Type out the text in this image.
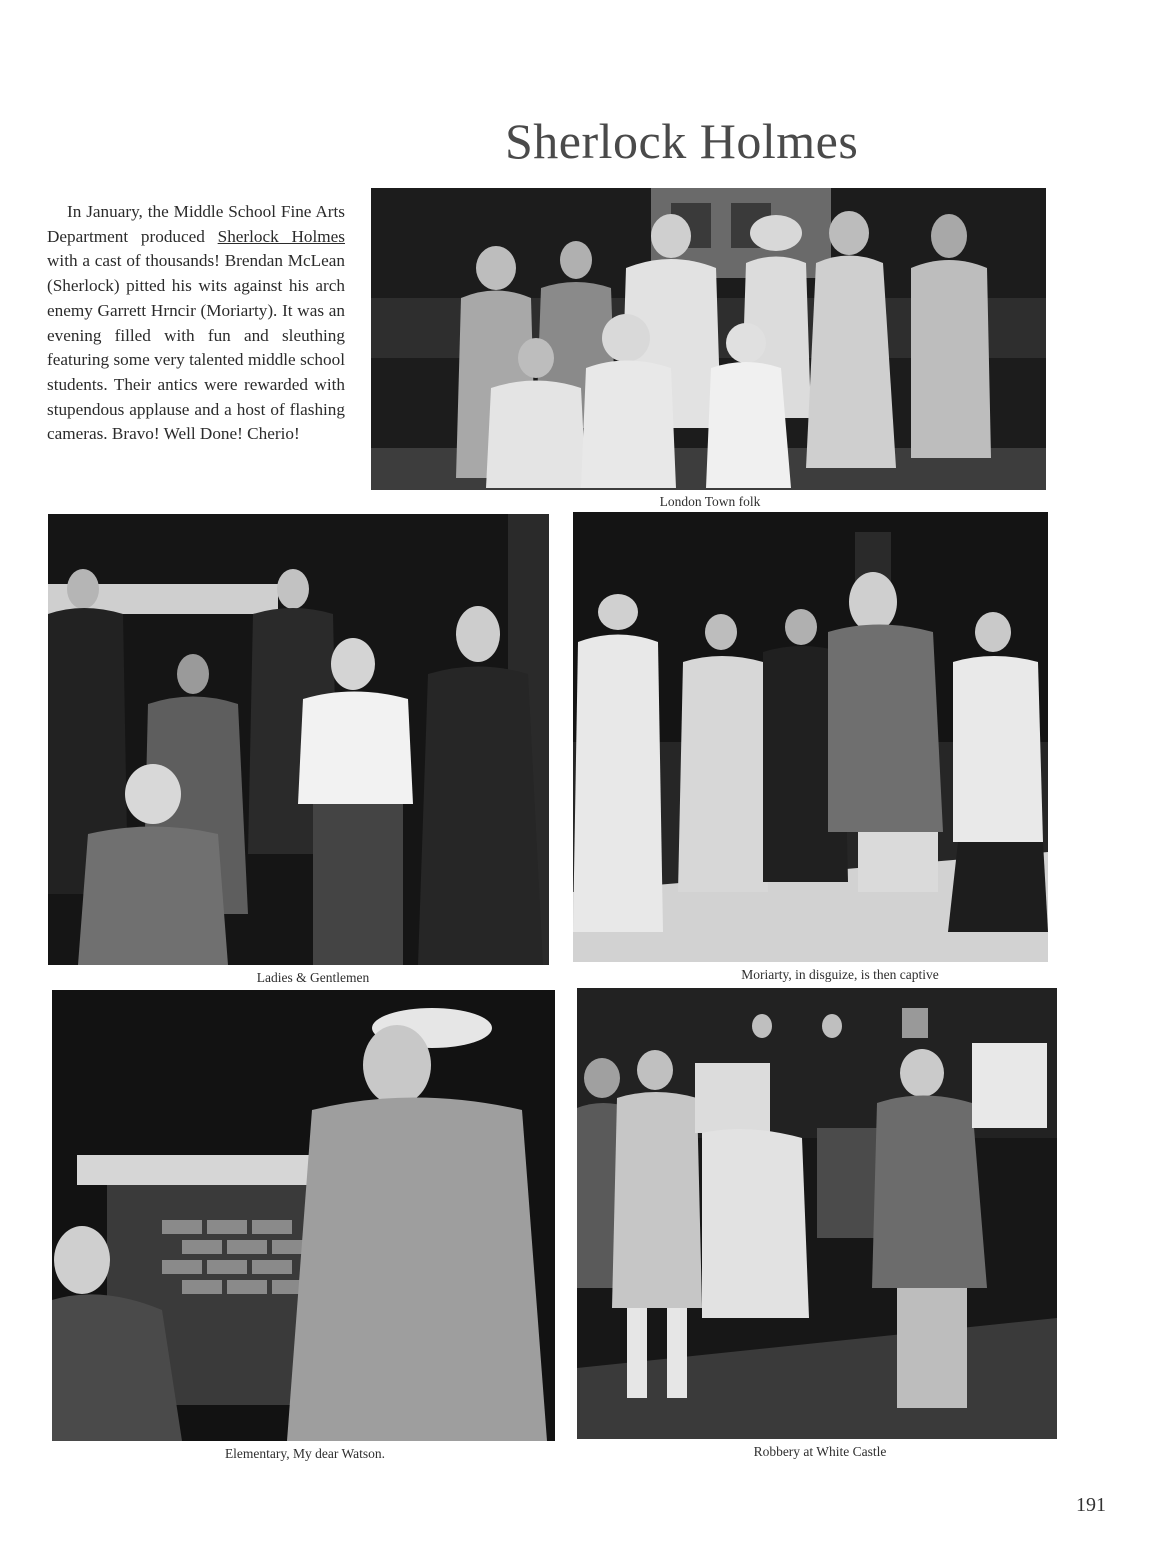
Sherlock Holmes
In January, the Middle School Fine Arts Department produced Sherlock Holmes with a cast of thousands! Brendan McLean (Sherlock) pitted his wits against his arch enemy Garrett Hrncir (Moriarty). It was an evening filled with fun and sleuthing featuring some very talented middle school students. Their antics were rewarded with stupendous applause and a host of flashing cameras. Bravo! Well Done! Cherio!
London Town folk
Ladies & Gentlemen	Moriarty, in disguize, is then captive
Elementary, My dear Watson.	Robbery at White Castle
191
